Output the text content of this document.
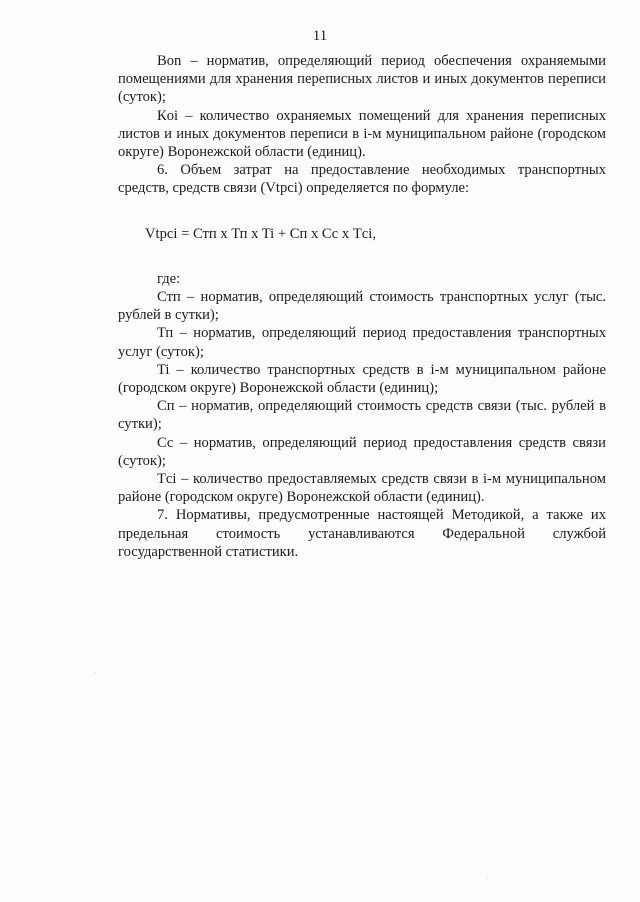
11

Вon – норматив, определяющий период обеспечения охраняемыми помещениями для хранения переписных листов и иных документов переписи (суток);

Кoi – количество охраняемых помещений для хранения переписных листов и иных документов переписи в i-м муниципальном районе (городском округе) Воронежской области (единиц).

6. Объем затрат на предоставление необходимых транспортных средств, средств связи (Vtpci) определяется по формуле:

Vtpci = Стп x Тп x Ti + Сп x Сс x Тci,

где:

Стп – норматив, определяющий стоимость транспортных услуг (тыс. рублей в сутки);

Тп – норматив, определяющий период предоставления транспортных услуг (суток);

Ti – количество транспортных средств в i-м муниципальном районе (городском округе) Воронежской области (единиц);

Сп – норматив, определяющий стоимость средств связи (тыс. рублей в сутки);

Сс – норматив, определяющий период предоставления средств связи (суток);

Тci – количество предоставляемых средств связи в i-м муниципальном районе (городском округе) Воронежской области (единиц).

7. Нормативы, предусмотренные настоящей Методикой, а также их предельная стоимость устанавливаются Федеральной службой государственной статистики.
